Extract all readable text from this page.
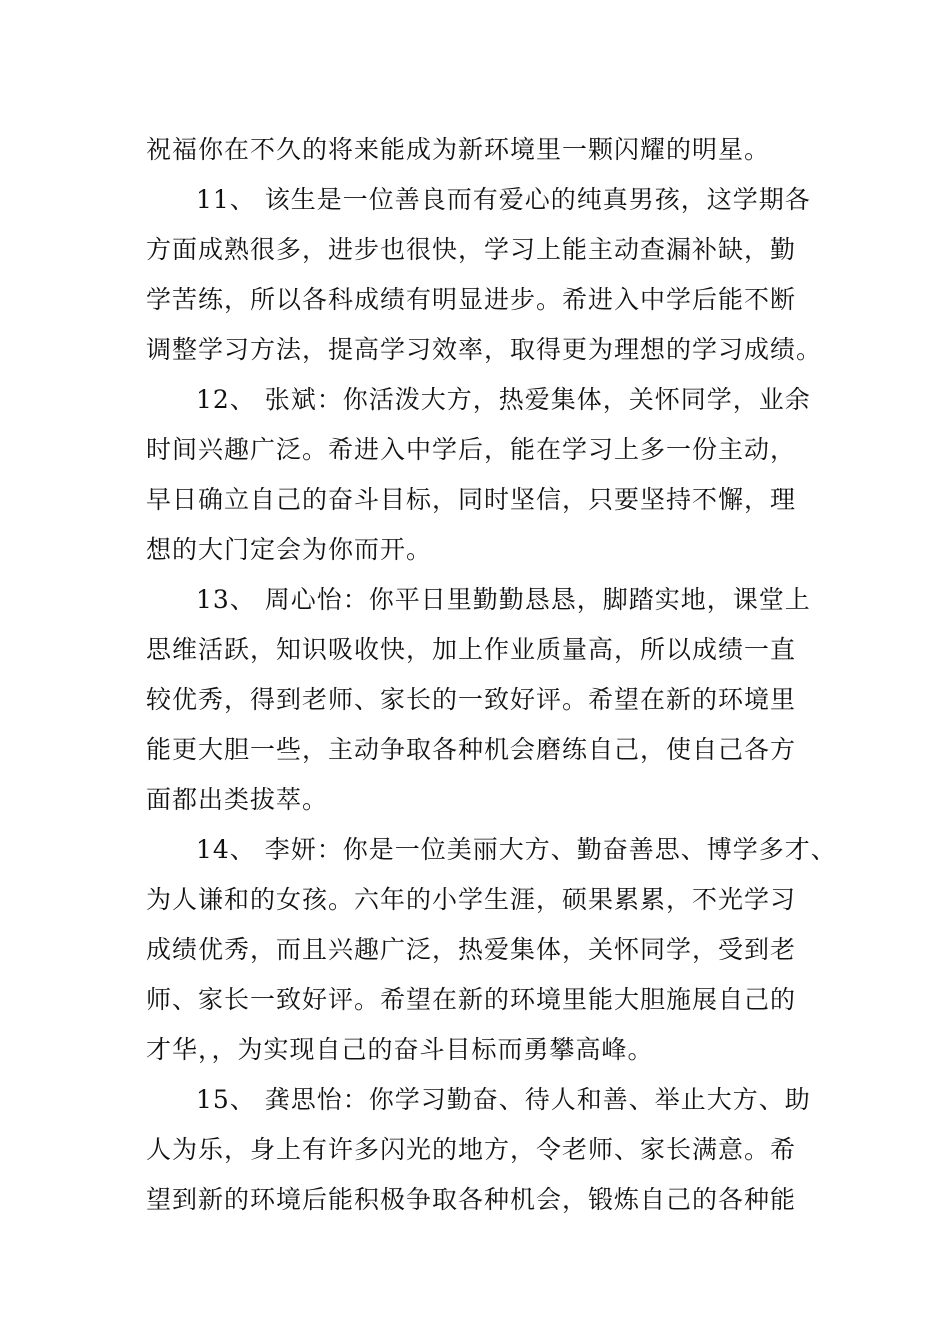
祝福你在不久的将来能成为新环境里一颗闪耀的明星。
11、 该生是一位善良而有爱心的纯真男孩，这学期各
方面成熟很多，进步也很快，学习上能主动查漏补缺，勤
学苦练，所以各科成绩有明显进步。希进入中学后能不断
调整学习方法，提高学习效率，取得更为理想的学习成绩。
12、 张斌：你活泼大方，热爱集体，关怀同学，业余
时间兴趣广泛。希进入中学后，能在学习上多一份主动，
早日确立自己的奋斗目标，同时坚信，只要坚持不懈，理
想的大门定会为你而开。
13、 周心怡：你平日里勤勤恳恳，脚踏实地，课堂上
思维活跃，知识吸收快，加上作业质量高，所以成绩一直
较优秀，得到老师、家长的一致好评。希望在新的环境里
能更大胆一些，主动争取各种机会磨练自己，使自己各方
面都出类拔萃。
14、 李妍：你是一位美丽大方、勤奋善思、博学多才、
为人谦和的女孩。六年的小学生涯，硕果累累，不光学习
成绩优秀，而且兴趣广泛，热爱集体，关怀同学，受到老
师、家长一致好评。希望在新的环境里能大胆施展自己的
才华，，为实现自己的奋斗目标而勇攀高峰。
15、 龚思怡：你学习勤奋、待人和善、举止大方、助
人为乐，身上有许多闪光的地方，令老师、家长满意。希
望到新的环境后能积极争取各种机会，锻炼自己的各种能
